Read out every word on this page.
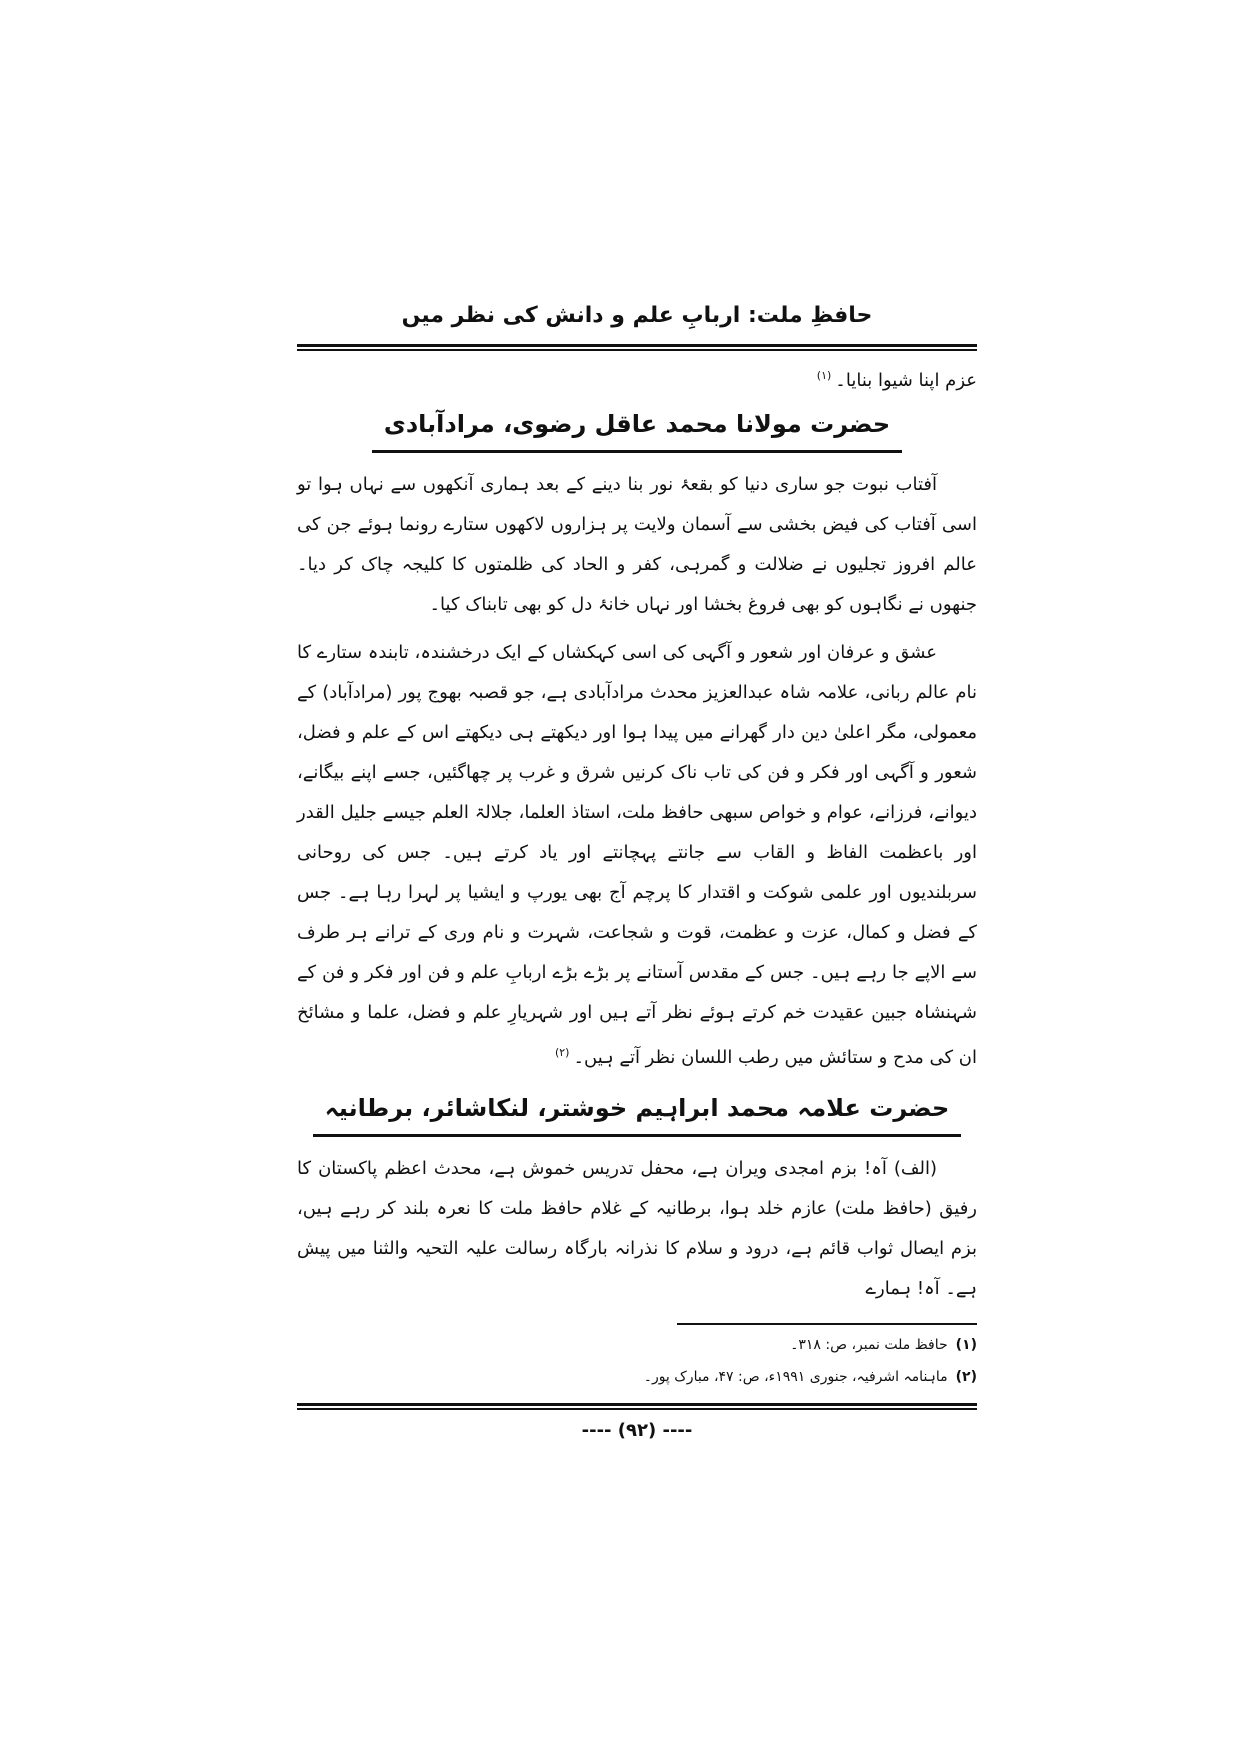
حافظِ ملت: اربابِ علم و دانش کی نظر میں
عزم اپنا شیوا بنایا۔$^{(۱)}$
حضرت مولانا محمد عاقل رضوی، مرادآبادی
آفتاب نبوت جو ساری دنیا کو بقعۂ نور بنا دینے کے بعد ہماری آنکھوں سے نہاں ہوا تو اسی آفتاب کی فیض بخشی سے آسمان ولایت پر ہزاروں لاکھوں ستارے رونما ہوئے جن کی عالم افروز تجلیوں نے ضلالت و گمرہی، کفر و الحاد کی ظلمتوں کا کلیجہ چاک کر دیا۔ جنھوں نے نگاہوں کو بھی فروغ بخشا اور نہاں خانۂ دل کو بھی تابناک کیا۔
عشق و عرفان اور شعور و آگہی کی اسی کہکشاں کے ایک درخشندہ، تابندہ ستارے کا نام عالم ربانی، علامہ شاہ عبدالعزیز محدث مرادآبادی ہے، جو قصبہ بھوج پور (مرادآباد) کے معمولی، مگر اعلیٰ دین دار گھرانے میں پیدا ہوا اور دیکھتے ہی دیکھتے اس کے علم و فضل، شعور و آگہی اور فکر و فن کی تاب ناک کرنیں شرق و غرب پر چھاگئیں، جسے اپنے بیگانے، دیوانے، فرزانے، عوام و خواص سبھی حافظ ملت، استاذ العلما، جلالۃ العلم جیسے جلیل القدر اور باعظمت الفاظ و القاب سے جانتے پہچانتے اور یاد کرتے ہیں۔ جس کی روحانی سربلندیوں اور علمی شوکت و اقتدار کا پرچم آج بھی یورپ و ایشیا پر لہرا رہا ہے۔ جس کے فضل و کمال، عزت و عظمت، قوت و شجاعت، شہرت و نام وری کے ترانے ہر طرف سے الاپے جا رہے ہیں۔ جس کے مقدس آستانے پر بڑے بڑے اربابِ علم و فن اور فکر و فن کے شہنشاہ جبین عقیدت خم کرتے ہوئے نظر آتے ہیں اور شہریارِ علم و فضل، علما و مشائخ ان کی مدح و ستائش میں رطب اللسان نظر آتے ہیں۔$^{(۲)}$
حضرت علامہ محمد ابراہیم خوشتر، لنکاشائر، برطانیہ
(الف) آہ! بزم امجدی ویران ہے، محفل تدریس خموش ہے، محدث اعظم پاکستان کا رفیق (حافظ ملت) عازم خلد ہوا، برطانیہ کے غلام حافظ ملت کا نعرہ بلند کر رہے ہیں، بزم ایصال ثواب قائم ہے، درود و سلام کا نذرانہ بارگاہ رسالت علیہ التحیہ والثنا میں پیش ہے۔ آہ! ہمارے
(۱)حافظ ملت نمبر، ص: ۳۱۸۔
(۲)ماہنامہ اشرفیہ، جنوری ۱۹۹۱ء، ص: ۴۷، مبارک پور۔
---- (۹۲) ----
